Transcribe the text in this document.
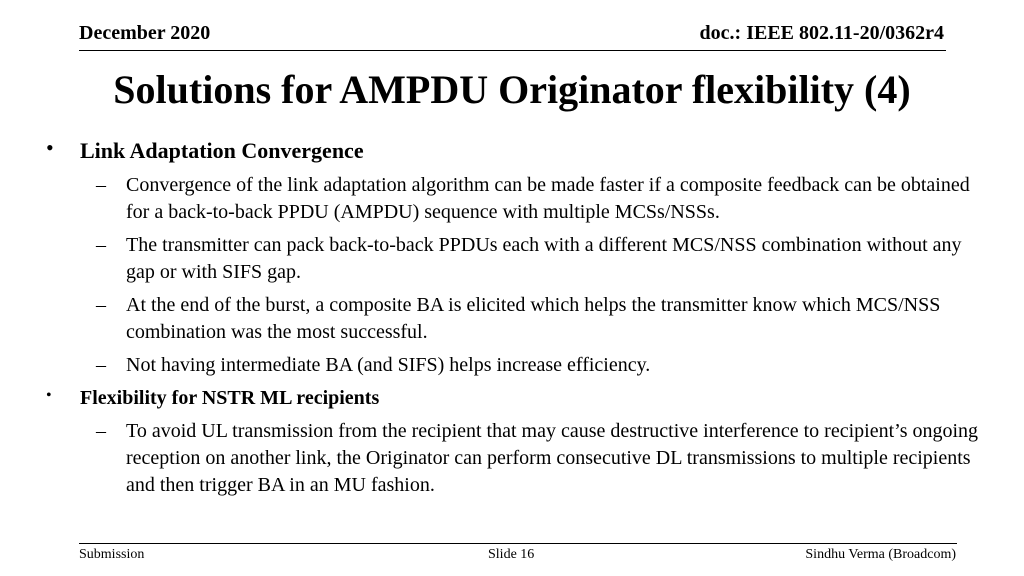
December 2020	doc.: IEEE 802.11-20/0362r4
Solutions for AMPDU Originator flexibility (4)
• Link Adaptation Convergence
– Convergence of the link adaptation algorithm can be made faster if a composite feedback can be obtained for a back-to-back PPDU (AMPDU) sequence with multiple MCSs/NSSs.
– The transmitter can pack back-to-back PPDUs each with a different MCS/NSS combination without any gap or with SIFS gap.
– At the end of the burst, a composite BA is elicited which helps the transmitter know which MCS/NSS combination was the most successful.
– Not having intermediate BA (and SIFS) helps increase efficiency.
• Flexibility for NSTR ML recipients
– To avoid UL transmission from the recipient that may cause destructive interference to recipient’s ongoing reception on another link, the Originator can perform consecutive DL transmissions to multiple recipients and then trigger BA in an MU fashion.
Submission	Slide 16	Sindhu Verma (Broadcom)
